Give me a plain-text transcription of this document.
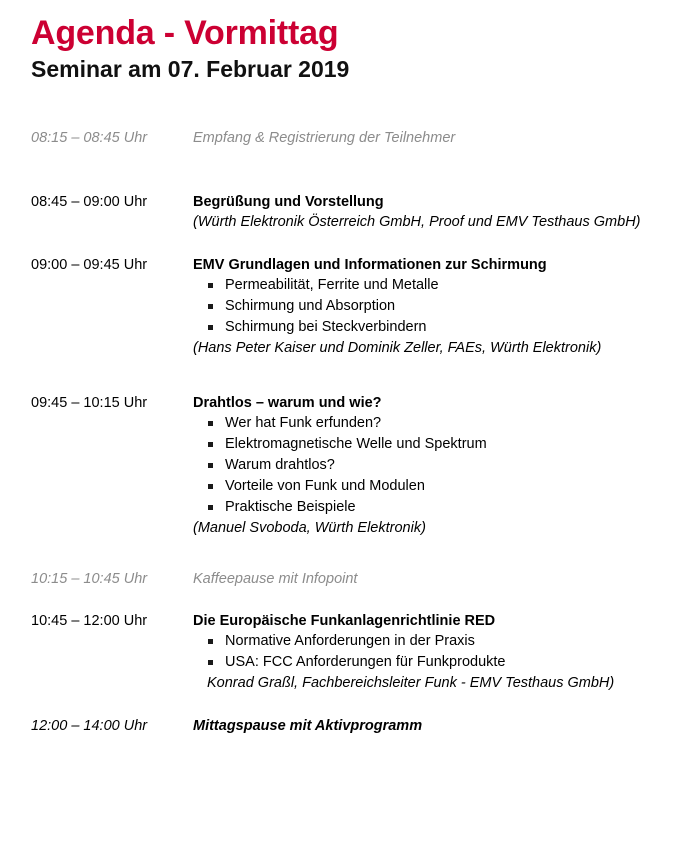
Agenda - Vormittag
Seminar am 07. Februar 2019
08:15 – 08:45 Uhr	Empfang & Registrierung der Teilnehmer
08:45 – 09:00 Uhr	Begrüßung und Vorstellung
(Würth Elektronik Österreich GmbH, Proof und EMV Testhaus GmbH)
09:00 – 09:45 Uhr	EMV Grundlagen und Informationen zur Schirmung
Permeabilität, Ferrite und Metalle
Schirmung und Absorption
Schirmung bei Steckverbindern
(Hans Peter Kaiser und Dominik Zeller, FAEs, Würth Elektronik)
09:45 – 10:15 Uhr	Drahtlos – warum und wie?
Wer hat Funk erfunden?
Elektromagnetische Welle und Spektrum
Warum drahtlos?
Vorteile von Funk und Modulen
Praktische Beispiele
(Manuel Svoboda, Würth Elektronik)
10:15 – 10:45 Uhr	Kaffeepause mit Infopoint
10:45 – 12:00 Uhr	Die Europäische Funkanlagenrichtlinie RED
Normative Anforderungen in der Praxis
USA: FCC Anforderungen für Funkprodukte
Konrad Graßl, Fachbereichsleiter Funk - EMV Testhaus GmbH)
12:00 – 14:00 Uhr	Mittagspause mit Aktivprogramm
